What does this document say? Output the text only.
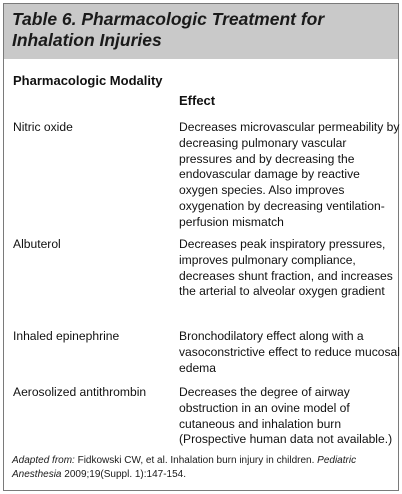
Table 6. Pharmacologic Treatment for Inhalation Injuries
Pharmacologic Modality
Effect
Nitric oxide	Decreases microvascular permeability by decreasing pulmonary vascular pressures and by decreasing the endovascular damage by reactive oxygen species. Also improves oxygenation by decreasing ventilation-perfusion mismatch
Albuterol	Decreases peak inspiratory pressures, improves pulmonary compliance, decreases shunt fraction, and increases the arterial to alveolar oxygen gradient
Inhaled epinephrine	Bronchodilatory effect along with a vasoconstrictive effect to reduce mucosal edema
Aerosolized antithrombin	Decreases the degree of airway obstruction in an ovine model of cutaneous and inhalation burn (Prospective human data not available.)
Adapted from: Fidkowski CW, et al. Inhalation burn injury in children. Pediatric Anesthesia 2009;19(Suppl. 1):147-154.
